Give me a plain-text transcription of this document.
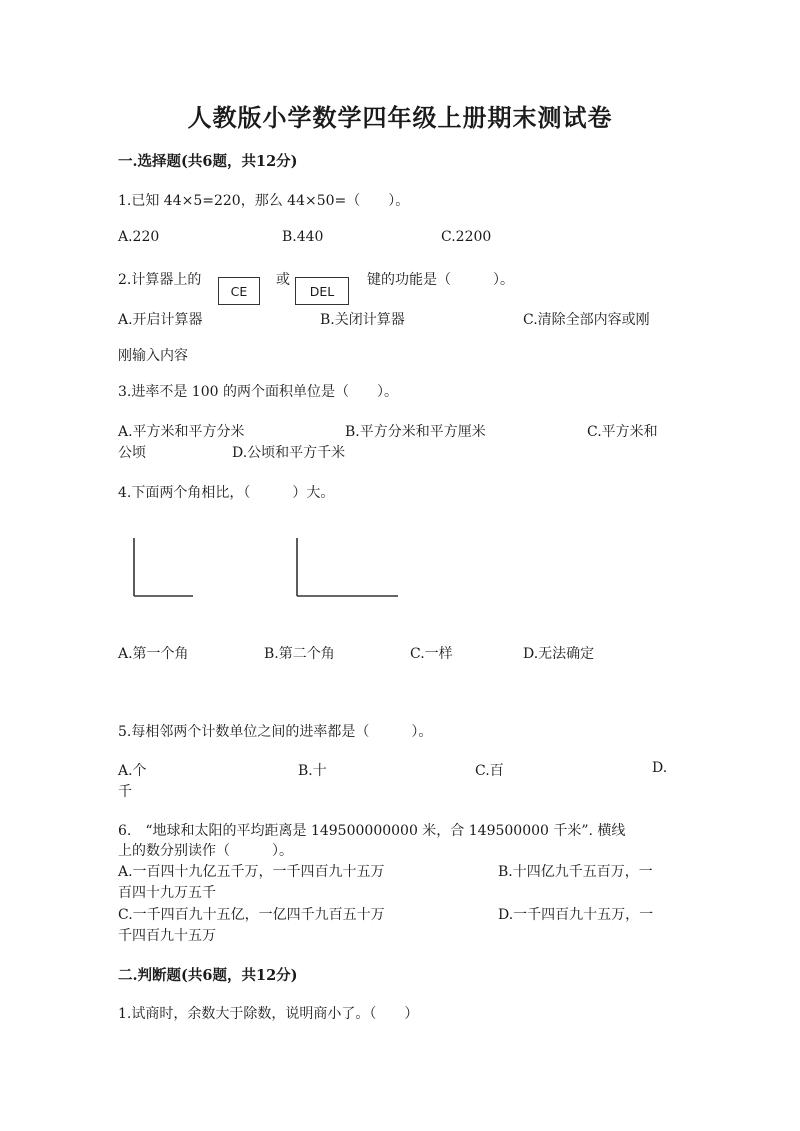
人教版小学数学四年级上册期末测试卷
一.选择题(共6题，共12分)
1.已知 44×5=220，那么 44×50=（　　）。
A.220	B.440	C.2200
2.计算器上的
CE
或
DEL
键的功能是（　　　）。
A.开启计算器	B.关闭计算器	C.清除全部内容或刚
刚输入内容
3.进率不是 100 的两个面积单位是（　　）。
A.平方米和平方分米	B.平方分米和平方厘米	C.平方米和
公顷	D.公顷和平方千米
4.下面两个角相比，（　　　）大。
A.第一个角	B.第二个角	C.一样	D.无法确定
5.每相邻两个计数单位之间的进率都是（　　　）。
A.个	B.十	C.百	D.
千
6.　“地球和太阳的平均距离是 149500000000 米，合 149500000 千米”. 横线
上的数分别读作（　　　）。
A.一百四十九亿五千万，一千四百九十五万	B.十四亿九千五百万，一
百四十九万五千
C.一千四百九十五亿，一亿四千九百五十万	D.一千四百九十五万，一
千四百九十五万
二.判断题(共6题，共12分)
1.试商时，余数大于除数，说明商小了。（　　）
